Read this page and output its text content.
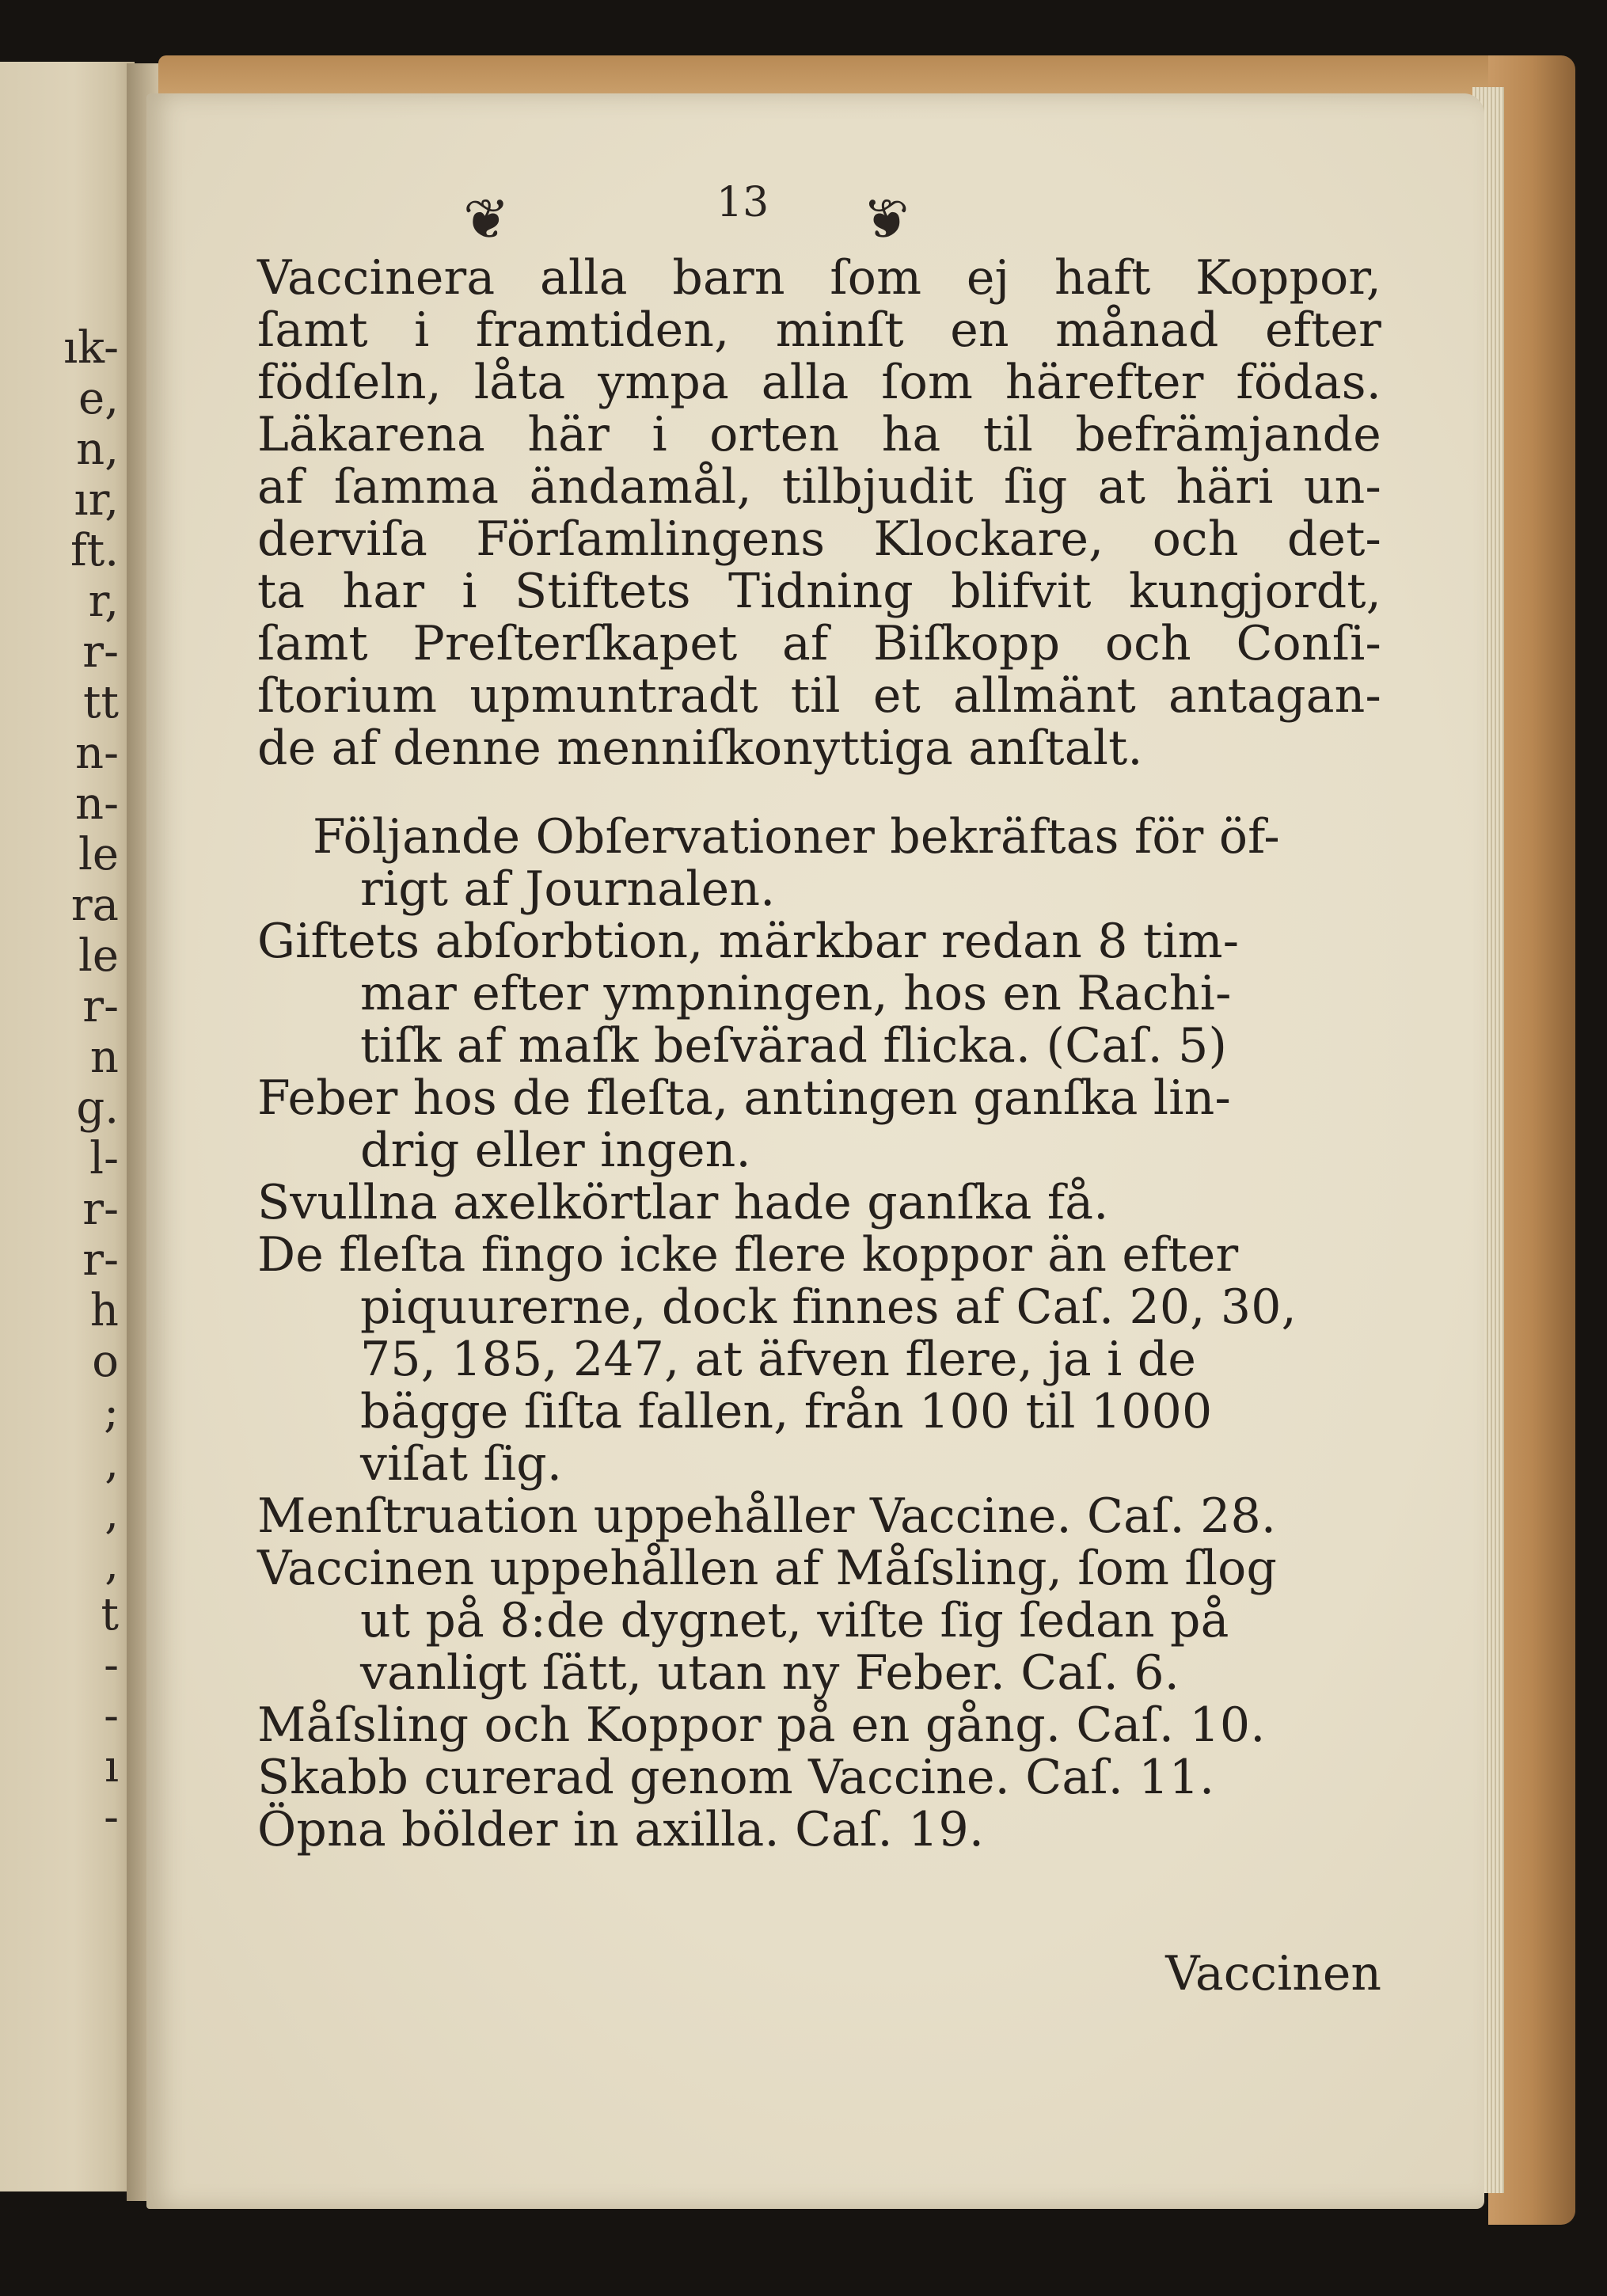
ık-
e,
n,
ır,
ft.
r,
r-
tt
n-
n-
le
ra
le
r-
n
g.
l-
r-
r-
h
o
;
,
,
,
t
-
-
ı
-
❦	13 ❦
Vaccinera alla barn ſom ej haft Koppor,
ſamt i framtiden, minſt en månad efter
födſeln, låta ympa alla ſom härefter födas.
Läkarena här i orten ha til befrämjande
af ſamma ändamål, tilbjudit ſig at häri un-
derviſa Förſamlingens Klockare, och det-
ta har i Stiftets Tidning blifvit kungjordt,
ſamt Preſterſkapet af Biſkopp och Conſi-
ſtorium upmuntradt til et allmänt antagan-
de af denne menniſkonyttiga anſtalt.
Följande Obſervationer bekräftas för öf-
rigt af Journalen.
Giftets abſorbtion, märkbar redan 8 tim-
mar efter ympningen, hos en Rachi-
tiſk af maſk beſvärad flicka. (Caſ. 5)
Feber hos de fleſta, antingen ganſka lin-
drig eller ingen.
Svullna axelkörtlar hade ganſka få.
De fleſta fingo icke flere koppor än efter
piquurerne, dock finnes af Caſ. 20, 30,
75, 185, 247, at äfven flere, ja i de
bägge ſiſta fallen, från 100 til 1000
viſat ſig.
Menſtruation uppehåller Vaccine. Caſ. 28.
Vaccinen uppehållen af Måſsling, ſom ſlog
ut på 8:de dygnet, viſte ſig ſedan på
vanligt ſätt, utan ny Feber. Caſ. 6.
Måſsling och Koppor på en gång. Caſ. 10.
Skabb curerad genom Vaccine. Caſ. 11.
Öpna bölder in axilla. Caſ. 19.
Vaccinen
